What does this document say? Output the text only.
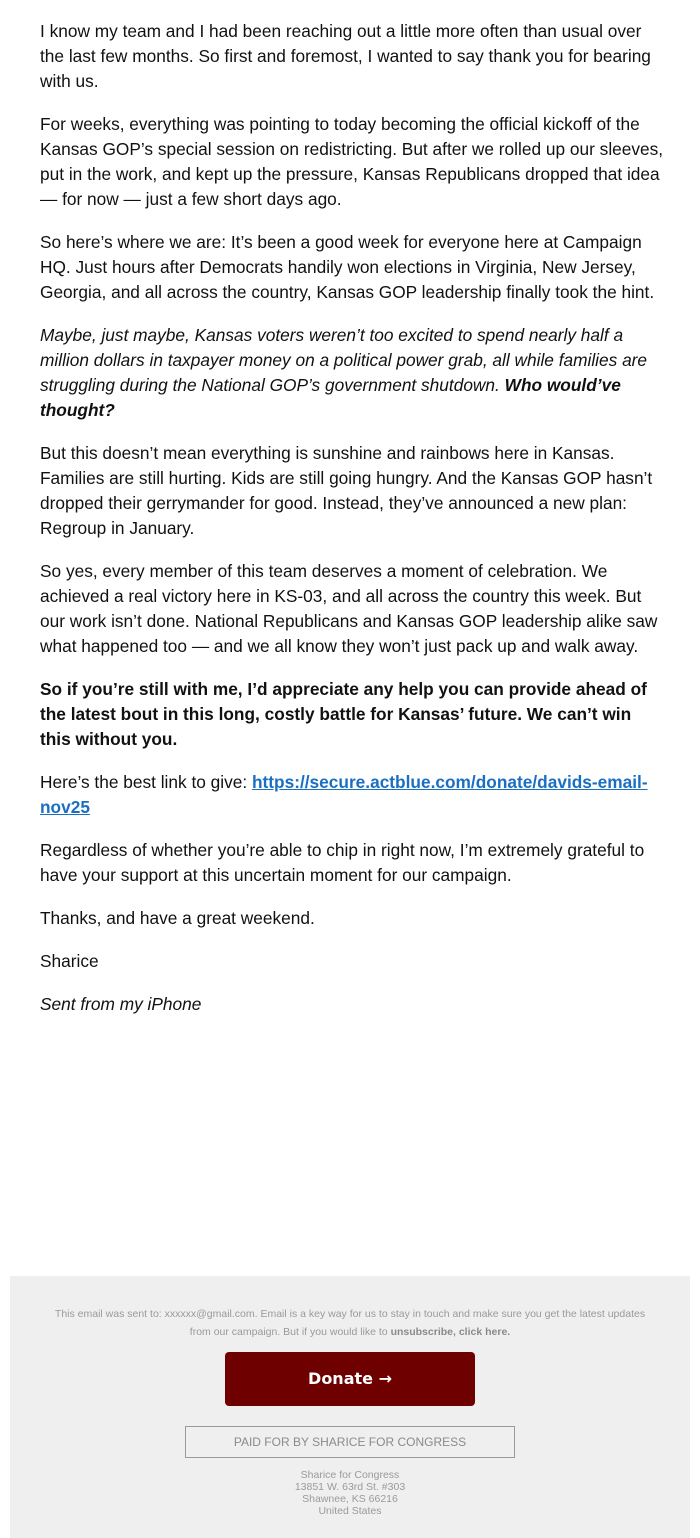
I know my team and I had been reaching out a little more often than usual over the last few months. So first and foremost, I wanted to say thank you for bearing with us.

For weeks, everything was pointing to today becoming the official kickoff of the Kansas GOP’s special session on redistricting. But after we rolled up our sleeves, put in the work, and kept up the pressure, Kansas Republicans dropped that idea — for now — just a few short days ago.

So here’s where we are: It’s been a good week for everyone here at Campaign HQ. Just hours after Democrats handily won elections in Virginia, New Jersey, Georgia, and all across the country, Kansas GOP leadership finally took the hint.

Maybe, just maybe, Kansas voters weren’t too excited to spend nearly half a million dollars in taxpayer money on a political power grab, all while families are struggling during the National GOP’s government shutdown. Who would’ve thought?

But this doesn’t mean everything is sunshine and rainbows here in Kansas. Families are still hurting. Kids are still going hungry. And the Kansas GOP hasn’t dropped their gerrymander for good. Instead, they’ve announced a new plan: Regroup in January.

So yes, every member of this team deserves a moment of celebration. We achieved a real victory here in KS-03, and all across the country this week. But our work isn’t done. National Republicans and Kansas GOP leadership alike saw what happened too — and we all know they won’t just pack up and walk away.

So if you’re still with me, I’d appreciate any help you can provide ahead of the latest bout in this long, costly battle for Kansas’ future. We can’t win this without you.

Here’s the best link to give: https://secure.actblue.com/donate/davids-email-nov25

Regardless of whether you’re able to chip in right now, I’m extremely grateful to have your support at this uncertain moment for our campaign.

Thanks, and have a great weekend.

Sharice

Sent from my iPhone

This email was sent to: xxxxxx@gmail.com. Email is a key way for us to stay in touch and make sure you get the latest updates from our campaign. But if you would like to unsubscribe, click here.
Donate →
PAID FOR BY SHARICE FOR CONGRESS
Sharice for Congress
13851 W. 63rd St. #303
Shawnee, KS 66216
United States
